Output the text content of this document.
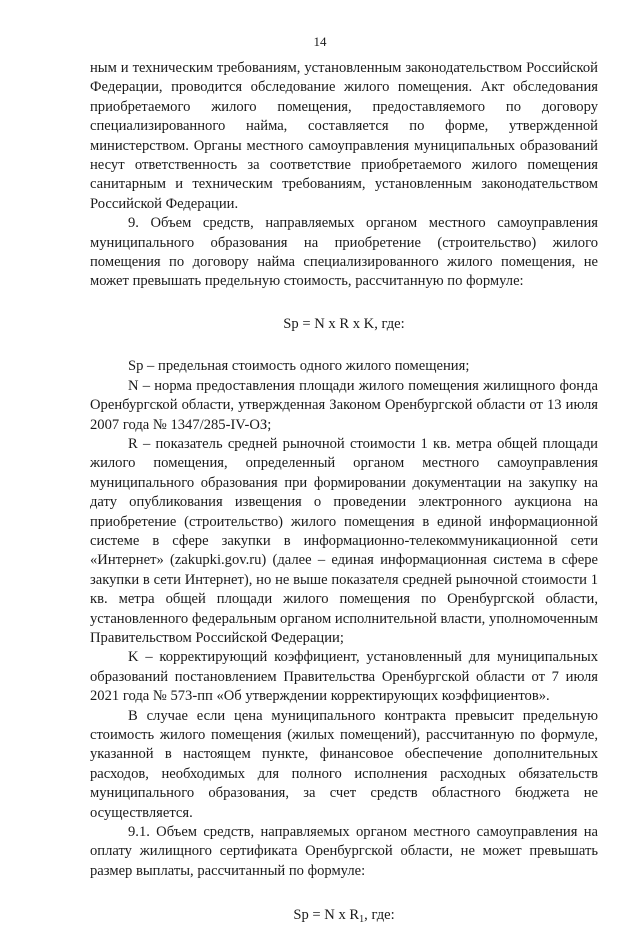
14

ным и техническим требованиям, установленным законодательством Российской Федерации, проводится обследование жилого помещения. Акт обследования приобретаемого жилого помещения, предоставляемого по договору специализированного найма, составляется по форме, утвержденной министерством. Органы местного самоуправления муниципальных образований несут ответственность за соответствие приобретаемого жилого помещения санитарным и техническим требованиям, установленным законодательством Российской Федерации.

9. Объем средств, направляемых органом местного самоуправления муниципального образования на приобретение (строительство) жилого помещения по договору найма специализированного жилого помещения, не может превышать предельную стоимость, рассчитанную по формуле:

Sp = N x R x K, где:

Sp – предельная стоимость одного жилого помещения;

N – норма предоставления площади жилого помещения жилищного фонда Оренбургской области, утвержденная Законом Оренбургской области от 13 июля 2007 года № 1347/285-IV-ОЗ;

R – показатель средней рыночной стоимости 1 кв. метра общей площади жилого помещения, определенный органом местного самоуправления муниципального образования при формировании документации на закупку на дату опубликования извещения о проведении электронного аукциона на приобретение (строительство) жилого помещения в единой информационной системе в сфере закупки в информационно-телекоммуникационной сети «Интернет» (zakupki.gov.ru) (далее – единая информационная система в сфере закупки в сети Интернет), но не выше показателя средней рыночной стоимости 1 кв. метра общей площади жилого помещения по Оренбургской области, установленного федеральным органом исполнительной власти, уполномоченным Правительством Российской Федерации;

K – корректирующий коэффициент, установленный для муниципальных образований постановлением Правительства Оренбургской области от 7 июля 2021 года № 573-пп «Об утверждении корректирующих коэффициентов».

В случае если цена муниципального контракта превысит предельную стоимость жилого помещения (жилых помещений), рассчитанную по формуле, указанной в настоящем пункте, финансовое обеспечение дополнительных расходов, необходимых для полного исполнения расходных обязательств муниципального образования, за счет средств областного бюджета не осуществляется.

9.1. Объем средств, направляемых органом местного самоуправления на оплату жилищного сертификата Оренбургской области, не может превышать размер выплаты, рассчитанный по формуле:

Sp = N x $R_1$, где:
